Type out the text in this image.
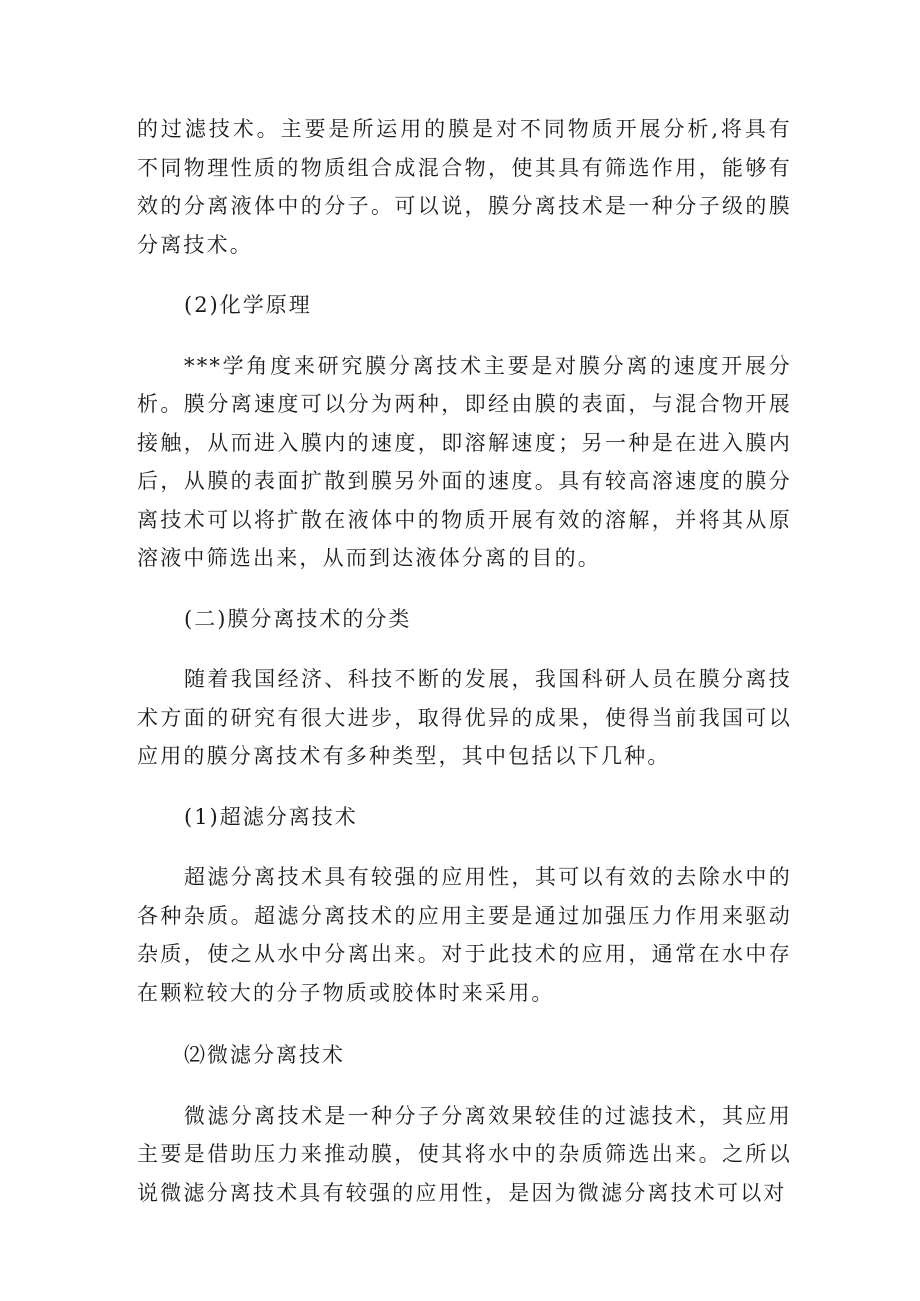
的过滤技术。主要是所运用的膜是对不同物质开展分析,将具有不同物理性质的物质组合成混合物，使其具有筛选作用，能够有效的分离液体中的分子。可以说，膜分离技术是一种分子级的膜分离技术。

(2)化学原理

***学角度来研究膜分离技术主要是对膜分离的速度开展分析。膜分离速度可以分为两种，即经由膜的表面，与混合物开展接触，从而进入膜内的速度，即溶解速度；另一种是在进入膜内后，从膜的表面扩散到膜另外面的速度。具有较高溶速度的膜分离技术可以将扩散在液体中的物质开展有效的溶解，并将其从原溶液中筛选出来，从而到达液体分离的目的。

(二)膜分离技术的分类

随着我国经济、科技不断的发展，我国科研人员在膜分离技术方面的研究有很大进步，取得优异的成果，使得当前我国可以应用的膜分离技术有多种类型，其中包括以下几种。

(1)超滤分离技术

超滤分离技术具有较强的应用性，其可以有效的去除水中的各种杂质。超滤分离技术的应用主要是通过加强压力作用来驱动杂质，使之从水中分离出来。对于此技术的应用，通常在水中存在颗粒较大的分子物质或胶体时来采用。

⑵微滤分离技术

微滤分离技术是一种分子分离效果较佳的过滤技术，其应用主要是借助压力来推动膜，使其将水中的杂质筛选出来。之所以说微滤分离技术具有较强的应用性，是因为微滤分离技术可以对
